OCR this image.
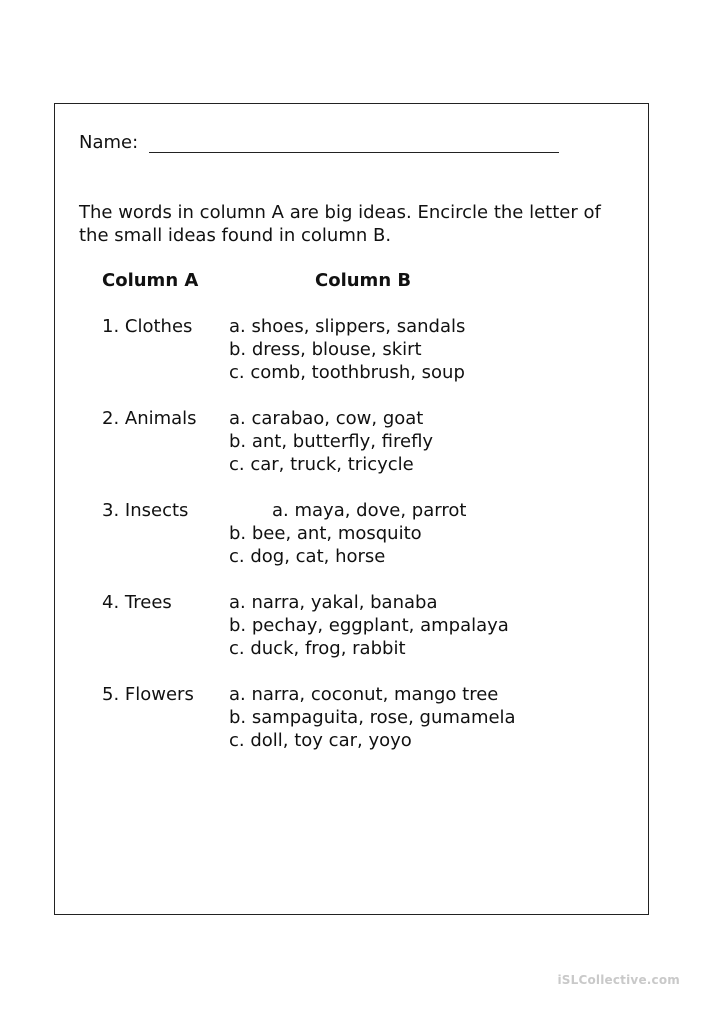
Name:
The words in column A are big ideas. Encircle the letter of
the small ideas found in column B.
Column A	Column B
1. Clothes a. shoes, slippers, sandals
b. dress, blouse, skirt
c. comb, toothbrush, soup
2. Animals a. carabao, cow, goat
b. ant, butterfly, firefly
c. car, truck, tricycle
3. Insects	a. maya, dove, parrot
b. bee, ant, mosquito
c. dog, cat, horse
4. Trees	a. narra, yakal, banaba
b. pechay, eggplant, ampalaya
c. duck, frog, rabbit
5. Flowers a. narra, coconut, mango tree
b. sampaguita, rose, gumamela
c. doll, toy car, yoyo
iSLCollective.com
